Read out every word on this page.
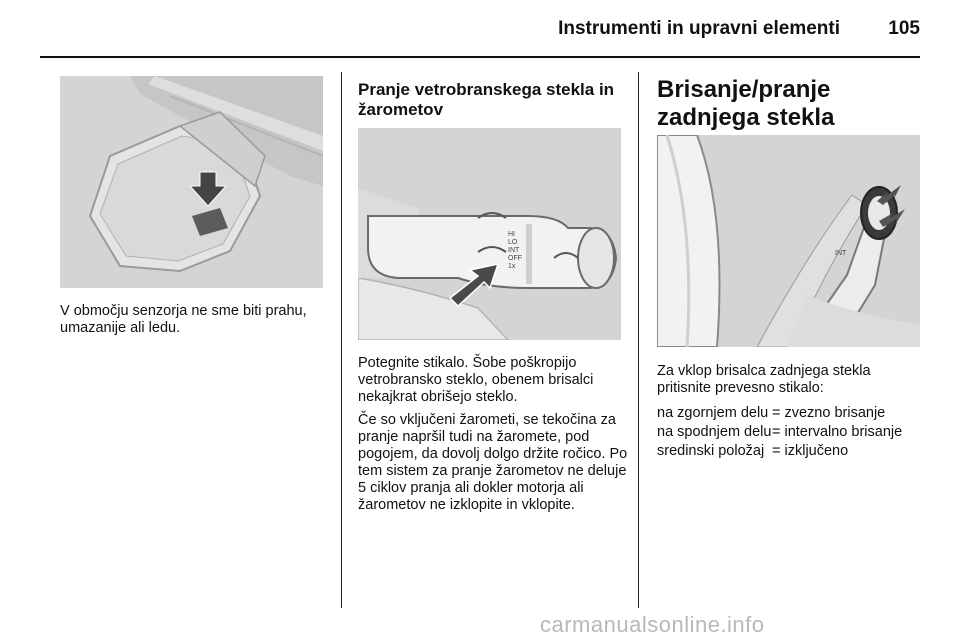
Instrumenti in upravni elementi	105

V območju senzorja ne sme biti prahu, umazanije ali ledu.

Pranje vetrobranskega stekla in žarometov
HI
LO
INT
OFF
1x

Potegnite stikalo. Šobe poškropijo vetrobransko steklo, obenem brisalci nekajkrat obrišejo steklo.

Če so vključeni žarometi, se tekočina za pranje napršil tudi na žaromete, pod pogojem, da dovolj dolgo držite ročico. Po tem sistem za pranje žarometov ne deluje 5 ciklov pranja ali dokler motorja ali žarometov ne izklopite in vklopite.

Brisanje/pranje zadnjega stekla
INT

Za vklop brisalca zadnjega stekla pritisnite prevesno stikalo:

na zgornjem delu = zvezno brisanje
na spodnjem delu = intervalno brisanje
sredinski položaj = izključeno
carmanualsonline.info
